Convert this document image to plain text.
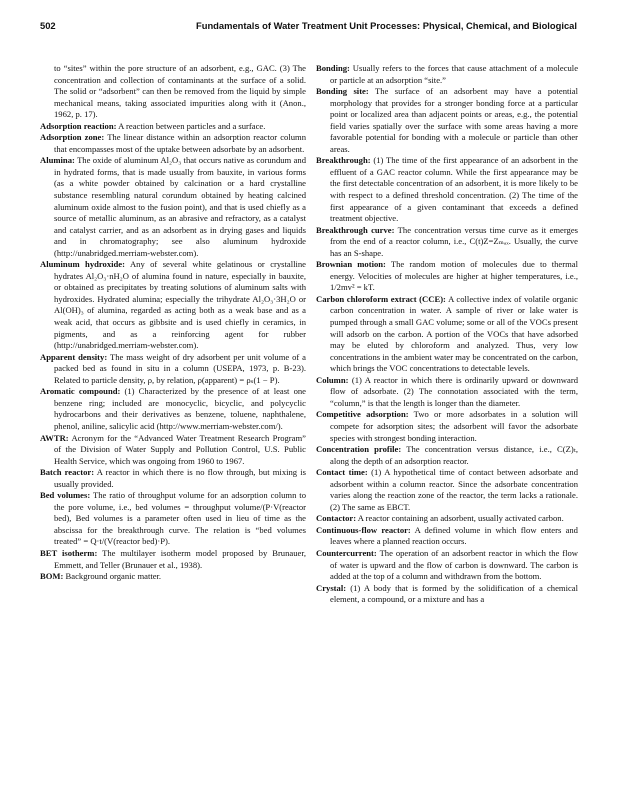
502	Fundamentals of Water Treatment Unit Processes: Physical, Chemical, and Biological

to “sites” within the pore structure of an adsorbent, e.g., GAC. (3) The concentration and collection of contaminants at the surface of a solid. The solid or “adsorbent” can then be removed from the liquid by simple mechanical means, taking associated impurities along with it (Anon., 1962, p. 17).

Adsorption reaction: A reaction between particles and a surface.

Adsorption zone: The linear distance within an adsorption reactor column that encompasses most of the uptake between adsorbate by an adsorbent.

Alumina: The oxide of aluminum Al₂O₃ that occurs native as corundum and in hydrated forms, that is made usually from bauxite, in various forms (as a white powder obtained by calcination or a hard crystalline substance resembling natural corundum obtained by heating calcined aluminum oxide almost to the fusion point), and that is used chiefly as a source of metallic aluminum, as an abrasive and refractory, as a catalyst and catalyst carrier, and as an adsorbent as in drying gases and liquids and in chromatography; see also aluminum hydroxide (http://unabridged.merriam-webster.com).

Aluminum hydroxide: Any of several white gelatinous or crystalline hydrates Al₂O₃·nH₂O of alumina found in nature, especially in bauxite, or obtained as precipitates by treating solutions of aluminum salts with hydroxides. Hydrated alumina; especially the trihydrate Al₂O₃·3H₂O or Al(OH)₃ of alumina, regarded as acting both as a weak base and as a weak acid, that occurs as gibbsite and is used chiefly in ceramics, in pigments, and as a reinforcing agent for rubber (http://unabridged.merriam-webster.com).

Apparent density: The mass weight of dry adsorbent per unit volume of a packed bed as found in situ in a column (USEPA, 1973, p. B-23). Related to particle density, ρ, by relation, ρ(apparent) = ρₛ(1 − P).

Aromatic compound: (1) Characterized by the presence of at least one benzene ring; included are monocyclic, bicyclic, and polycyclic hydrocarbons and their derivatives as benzene, toluene, naphthalene, phenol, aniline, salicylic acid (http://www.merriam-webster.com/).

AWTR: Acronym for the “Advanced Water Treatment Research Program” of the Division of Water Supply and Pollution Control, U.S. Public Health Service, which was ongoing from 1960 to 1967.

Batch reactor: A reactor in which there is no flow through, but mixing is usually provided.

Bed volumes: The ratio of throughput volume for an adsorption column to the pore volume, i.e., bed volumes = throughput volume/(P·V(reactor bed), Bed volumes is a parameter often used in lieu of time as the abscissa for the breakthrough curve. The relation is “bed volumes treated” = Q·t/(V(reactor bed)·P).

BET isotherm: The multilayer isotherm model proposed by Brunauer, Emmett, and Teller (Brunauer et al., 1938).

BOM: Background organic matter.

Bonding: Usually refers to the forces that cause attachment of a molecule or particle at an adsorption “site.”

Bonding site: The surface of an adsorbent may have a potential morphology that provides for a stronger bonding force at a particular point or localized area than adjacent points or areas, e.g., the potential field varies spatially over the surface with some areas having a more favorable potential for bonding with a molecule or particle than other areas.

Breakthrough: (1) The time of the first appearance of an adsorbent in the effluent of a GAC reactor column. While the first appearance may be the first detectable concentration of an adsorbent, it is more likely to be with respect to a defined threshold concentration. (2) The time of the first appearance of a given contaminant that exceeds a defined treatment objective.

Breakthrough curve: The concentration versus time curve as it emerges from the end of a reactor column, i.e., C(t)Z=Zₘₐₓ. Usually, the curve has an S-shape.

Brownian motion: The random motion of molecules due to thermal energy. Velocities of molecules are higher at higher temperatures, i.e., 1/2mv² = kT.

Carbon chloroform extract (CCE): A collective index of volatile organic carbon concentration in water. A sample of river or lake water is pumped through a small GAC volume; some or all of the VOCs present will adsorb on the carbon. A portion of the VOCs that have adsorbed may be eluted by chloroform and analyzed. Thus, very low concentrations in the ambient water may be concentrated on the carbon, which brings the VOC concentrations to detectable levels.

Column: (1) A reactor in which there is ordinarily upward or downward flow of adsorbate. (2) The connotation associated with the term, “column,” is that the length is longer than the diameter.

Competitive adsorption: Two or more adsorbates in a solution will compete for adsorption sites; the adsorbent will favor the adsorbate species with strongest bonding interaction.

Concentration profile: The concentration versus distance, i.e., C(Z)ₜ, along the depth of an adsorption reactor.

Contact time: (1) A hypothetical time of contact between adsorbate and adsorbent within a column reactor. Since the adsorbate concentration varies along the reaction zone of the reactor, the term lacks a rationale. (2) The same as EBCT.

Contactor: A reactor containing an adsorbent, usually activated carbon.

Continuous-flow reactor: A defined volume in which flow enters and leaves where a planned reaction occurs.

Countercurrent: The operation of an adsorbent reactor in which the flow of water is upward and the flow of carbon is downward. The carbon is added at the top of a column and withdrawn from the bottom.

Crystal: (1) A body that is formed by the solidification of a chemical element, a compound, or a mixture and has a
